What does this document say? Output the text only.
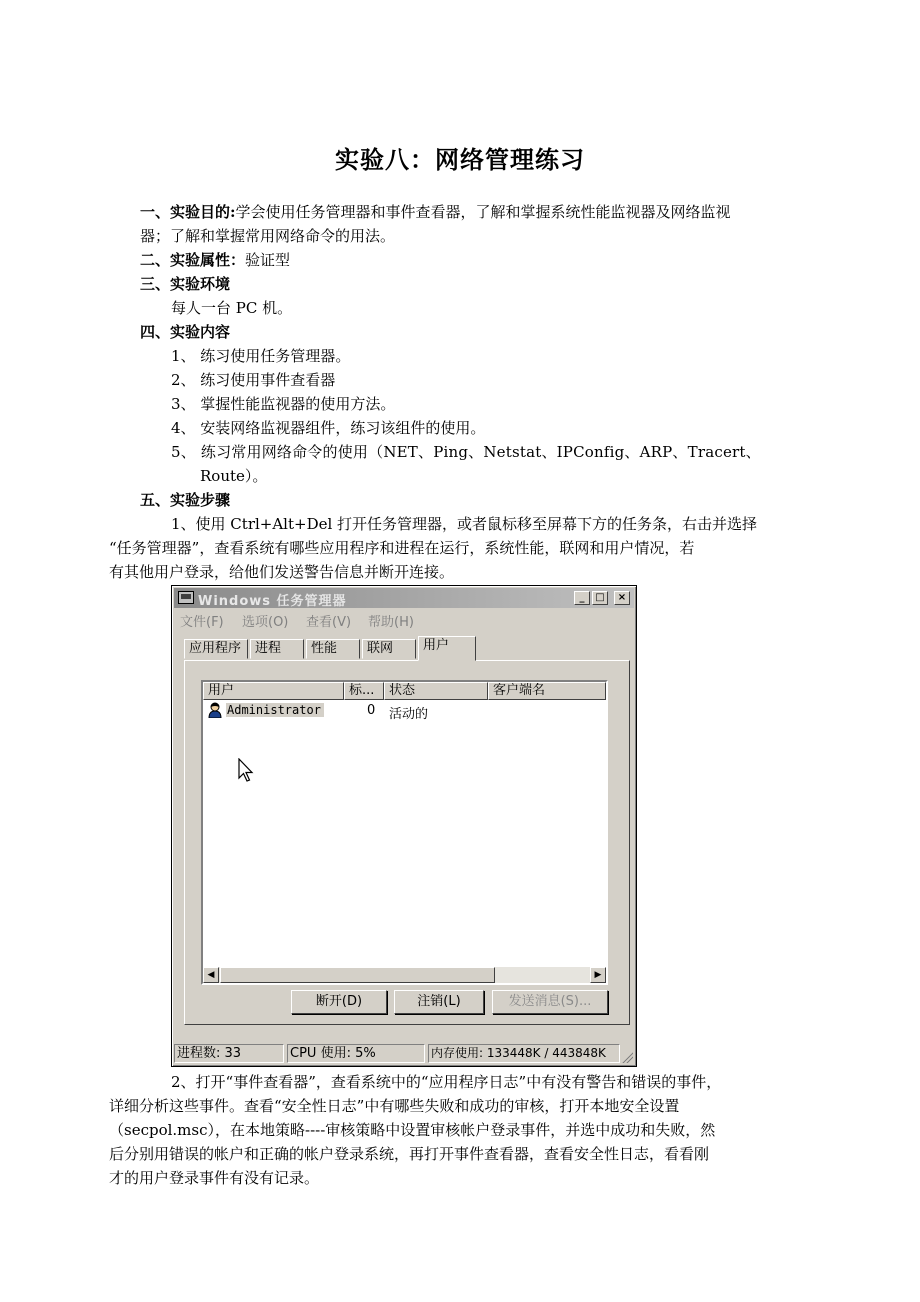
实验八：网络管理练习
一、实验目的:学会使用任务管理器和事件查看器，了解和掌握系统性能监视器及网络监视
器；了解和掌握常用网络命令的用法。
二、实验属性：验证型
三、实验环境
每人一台 PC 机。
四、实验内容
1、 练习使用任务管理器。
2、 练习使用事件查看器
3、 掌握性能监视器的使用方法。
4、 安装网络监视器组件，练习该组件的使用。
5、 练习常用网络命令的使用（NET、Ping、Netstat、IPConfig、ARP、Tracert、
Route）。
五、实验步骤
1、使用 Ctrl+Alt+Del 打开任务管理器，或者鼠标移至屏幕下方的任务条，右击并选择
“任务管理器”，查看系统有哪些应用程序和进程在运行，系统性能，联网和用户情况，若
有其他用户登录，给他们发送警告信息并断开连接。
Windows 任务管理器	_	□	×
文件(F) 选项(O) 查看(V) 帮助(H)
应用程序	进程	性能	联网	用户
用户	标...	状态	客户端名
Administrator	0 活动的
◀	▶
断开(D)	注销(L)	发送消息(S)...
进程数: 33	CPU 使用: 5%	内存使用: 133448K / 443848K
2、打开“事件查看器”，查看系统中的“应用程序日志”中有没有警告和错误的事件，
详细分析这些事件。查看“安全性日志”中有哪些失败和成功的审核，打开本地安全设置
（secpol.msc），在本地策略----审核策略中设置审核帐户登录事件，并选中成功和失败，然
后分别用错误的帐户和正确的帐户登录系统，再打开事件查看器，查看安全性日志，看看刚
才的用户登录事件有没有记录。
